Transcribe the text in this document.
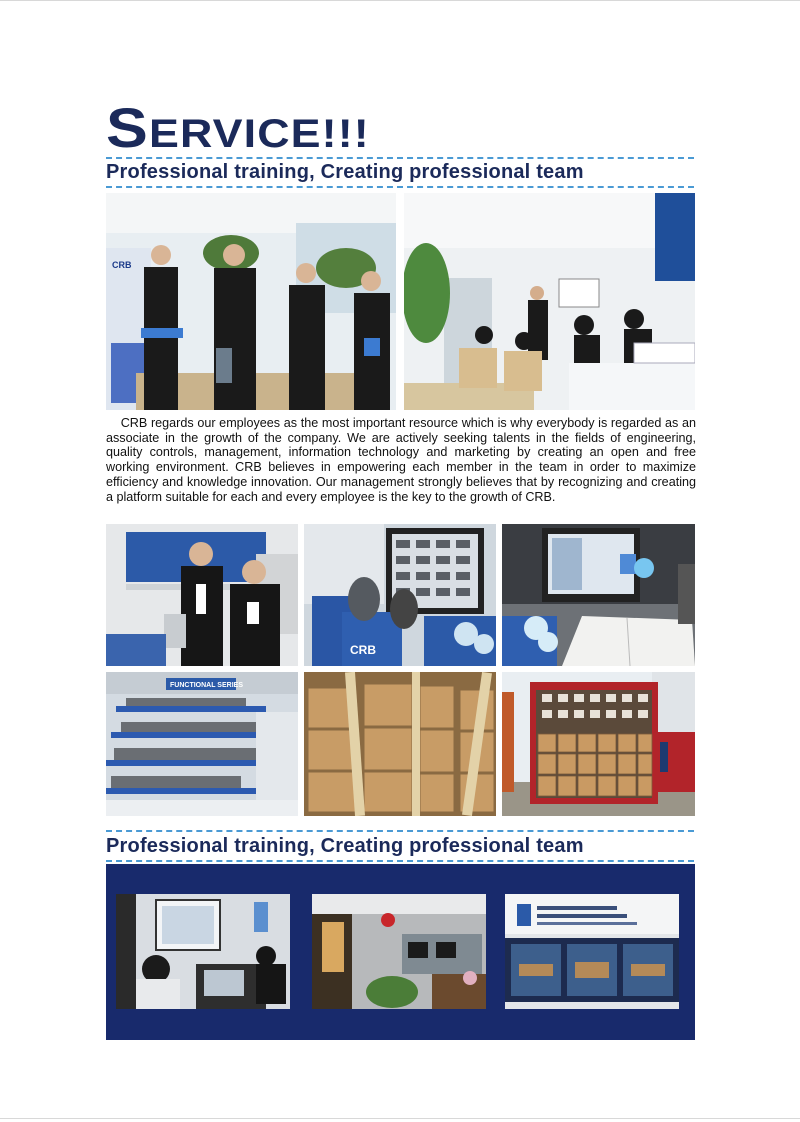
SERVICE!!!
Professional training, Creating professional team
CRB

CRB regards our employees as the most important resource which is why everybody is regarded as an associate in the growth of the company. We are actively seeking talents in the fields of engineering, quality controls, management, information technology and marketing by creating an open and free working environment. CRB believes in empowering each member in the team in order to maximize efficiency and knowledge innovation. Our management strongly believes that by recognizing and creating a platform suitable for each and every employee is the key to the growth of CRB.

CRB
FUNCTIONAL SERIES
Professional training, Creating professional team
